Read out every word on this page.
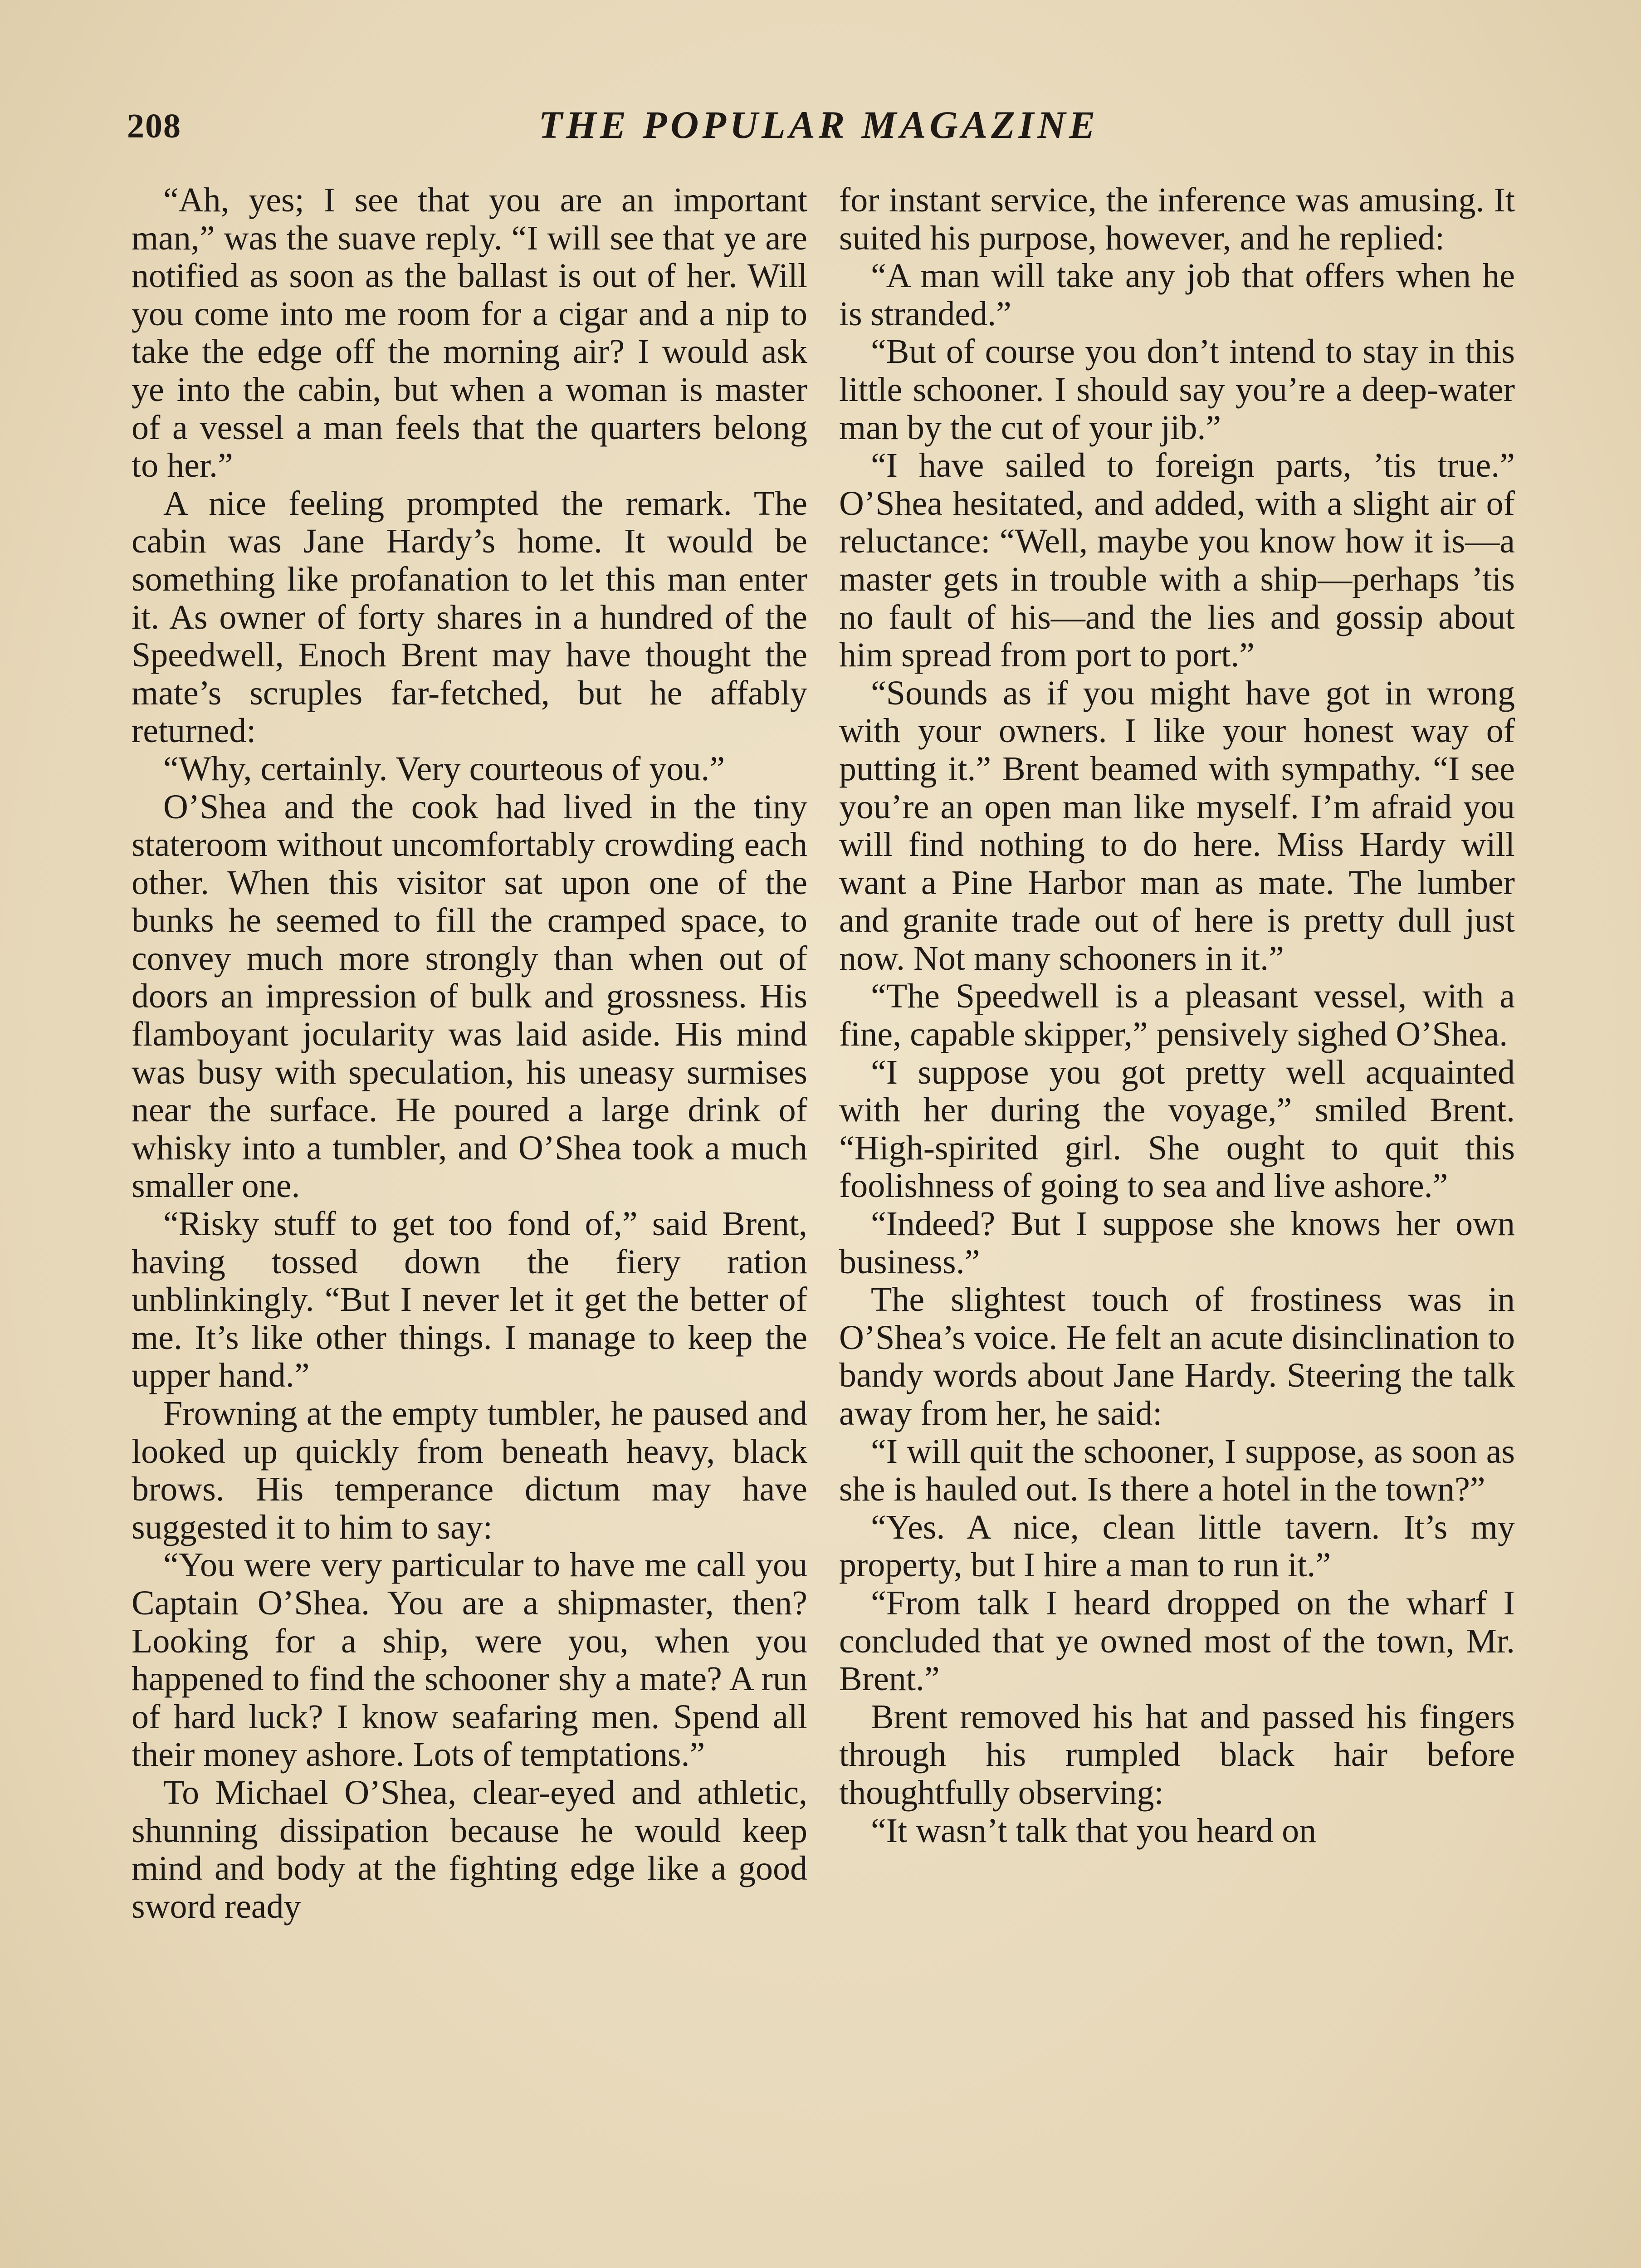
208	THE POPULAR MAGAZINE

“Ah, yes; I see that you are an important man,” was the suave reply. “I will see that ye are notified as soon as the ballast is out of her. Will you come into me room for a cigar and a nip to take the edge off the morning air? I would ask ye into the cabin, but when a woman is master of a vessel a man feels that the quarters belong to her.”

A nice feeling prompted the remark. The cabin was Jane Hardy’s home. It would be something like profanation to let this man enter it. As owner of forty shares in a hundred of the Speedwell, Enoch Brent may have thought the mate’s scruples far-fetched, but he affably returned:

“Why, certainly. Very courteous of you.”

O’Shea and the cook had lived in the tiny stateroom without uncomfortably crowding each other. When this visitor sat upon one of the bunks he seemed to fill the cramped space, to convey much more strongly than when out of doors an impression of bulk and grossness. His flamboyant jocularity was laid aside. His mind was busy with speculation, his uneasy surmises near the surface. He poured a large drink of whisky into a tumbler, and O’Shea took a much smaller one.

“Risky stuff to get too fond of,” said Brent, having tossed down the fiery ration unblinkingly. “But I never let it get the better of me. It’s like other things. I manage to keep the upper hand.”

Frowning at the empty tumbler, he paused and looked up quickly from beneath heavy, black brows. His temperance dictum may have suggested it to him to say:

“You were very particular to have me call you Captain O’Shea. You are a shipmaster, then? Looking for a ship, were you, when you happened to find the schooner shy a mate? A run of hard luck? I know seafaring men. Spend all their money ashore. Lots of temptations.”

To Michael O’Shea, clear-eyed and athletic, shunning dissipation because he would keep mind and body at the fighting edge like a good sword ready

for instant service, the inference was amusing. It suited his purpose, however, and he replied:

“A man will take any job that offers when he is stranded.”

“But of course you don’t intend to stay in this little schooner. I should say you’re a deep-water man by the cut of your jib.”

“I have sailed to foreign parts, ’tis true.” O’Shea hesitated, and added, with a slight air of reluctance: “Well, maybe you know how it is—a master gets in trouble with a ship—perhaps ’tis no fault of his—and the lies and gossip about him spread from port to port.”

“Sounds as if you might have got in wrong with your owners. I like your honest way of putting it.” Brent beamed with sympathy. “I see you’re an open man like myself. I’m afraid you will find nothing to do here. Miss Hardy will want a Pine Harbor man as mate. The lumber and granite trade out of here is pretty dull just now. Not many schooners in it.”

“The Speedwell is a pleasant vessel, with a fine, capable skipper,” pensively sighed O’Shea.

“I suppose you got pretty well acquainted with her during the voyage,” smiled Brent. “High-spirited girl. She ought to quit this foolishness of going to sea and live ashore.”

“Indeed? But I suppose she knows her own business.”

The slightest touch of frostiness was in O’Shea’s voice. He felt an acute disinclination to bandy words about Jane Hardy. Steering the talk away from her, he said:

“I will quit the schooner, I suppose, as soon as she is hauled out. Is there a hotel in the town?”

“Yes. A nice, clean little tavern. It’s my property, but I hire a man to run it.”

“From talk I heard dropped on the wharf I concluded that ye owned most of the town, Mr. Brent.”

Brent removed his hat and passed his fingers through his rumpled black hair before thoughtfully observing:

“It wasn’t talk that you heard on
